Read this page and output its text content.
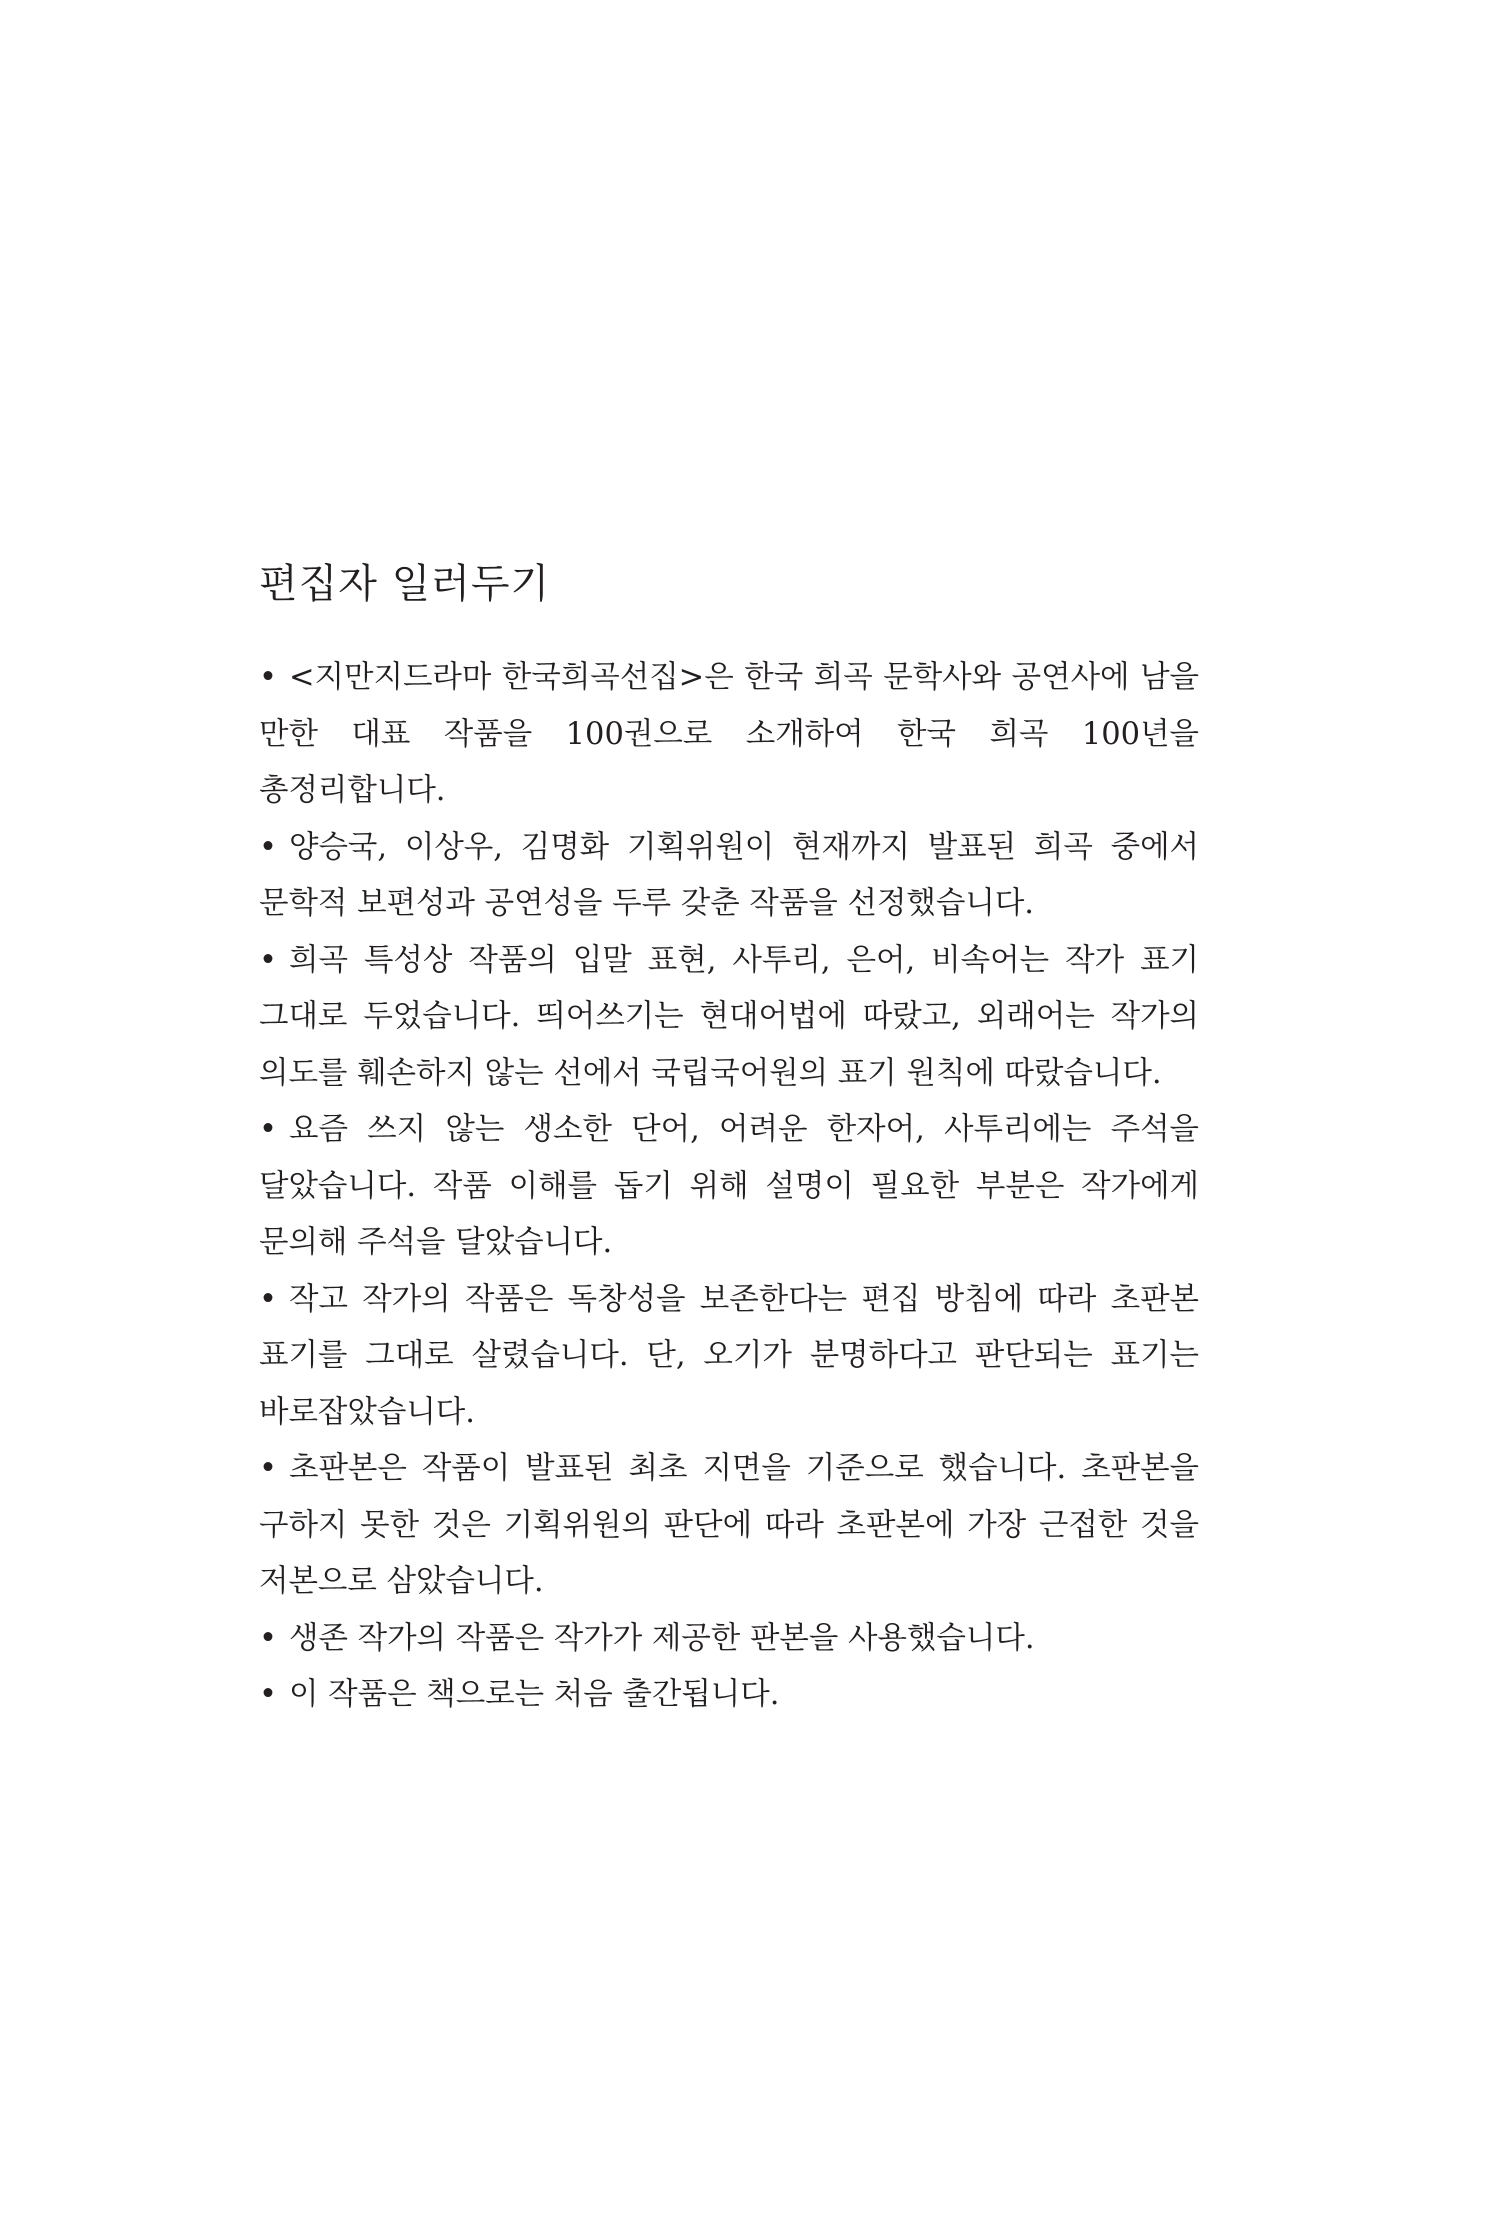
편집자 일러두기
• <지만지드라마 한국희곡선집>은 한국 희곡 문학사와 공연사에 남을 만한 대표 작품을 100권으로 소개하여 한국 희곡 100년을 총정리합니다.
• 양승국, 이상우, 김명화 기획위원이 현재까지 발표된 희곡 중에서 문학적 보편성과 공연성을 두루 갖춘 작품을 선정했습니다.
• 희곡 특성상 작품의 입말 표현, 사투리, 은어, 비속어는 작가 표기 그대로 두었습니다. 띄어쓰기는 현대어법에 따랐고, 외래어는 작가의 의도를 훼손하지 않는 선에서 국립국어원의 표기 원칙에 따랐습니다.
• 요즘 쓰지 않는 생소한 단어, 어려운 한자어, 사투리에는 주석을 달았습니다. 작품 이해를 돕기 위해 설명이 필요한 부분은 작가에게 문의해 주석을 달았습니다.
• 작고 작가의 작품은 독창성을 보존한다는 편집 방침에 따라 초판본 표기를 그대로 살렸습니다. 단, 오기가 분명하다고 판단되는 표기는 바로잡았습니다.
• 초판본은 작품이 발표된 최초 지면을 기준으로 했습니다. 초판본을 구하지 못한 것은 기획위원의 판단에 따라 초판본에 가장 근접한 것을 저본으로 삼았습니다.
• 생존 작가의 작품은 작가가 제공한 판본을 사용했습니다.
• 이 작품은 책으로는 처음 출간됩니다.
